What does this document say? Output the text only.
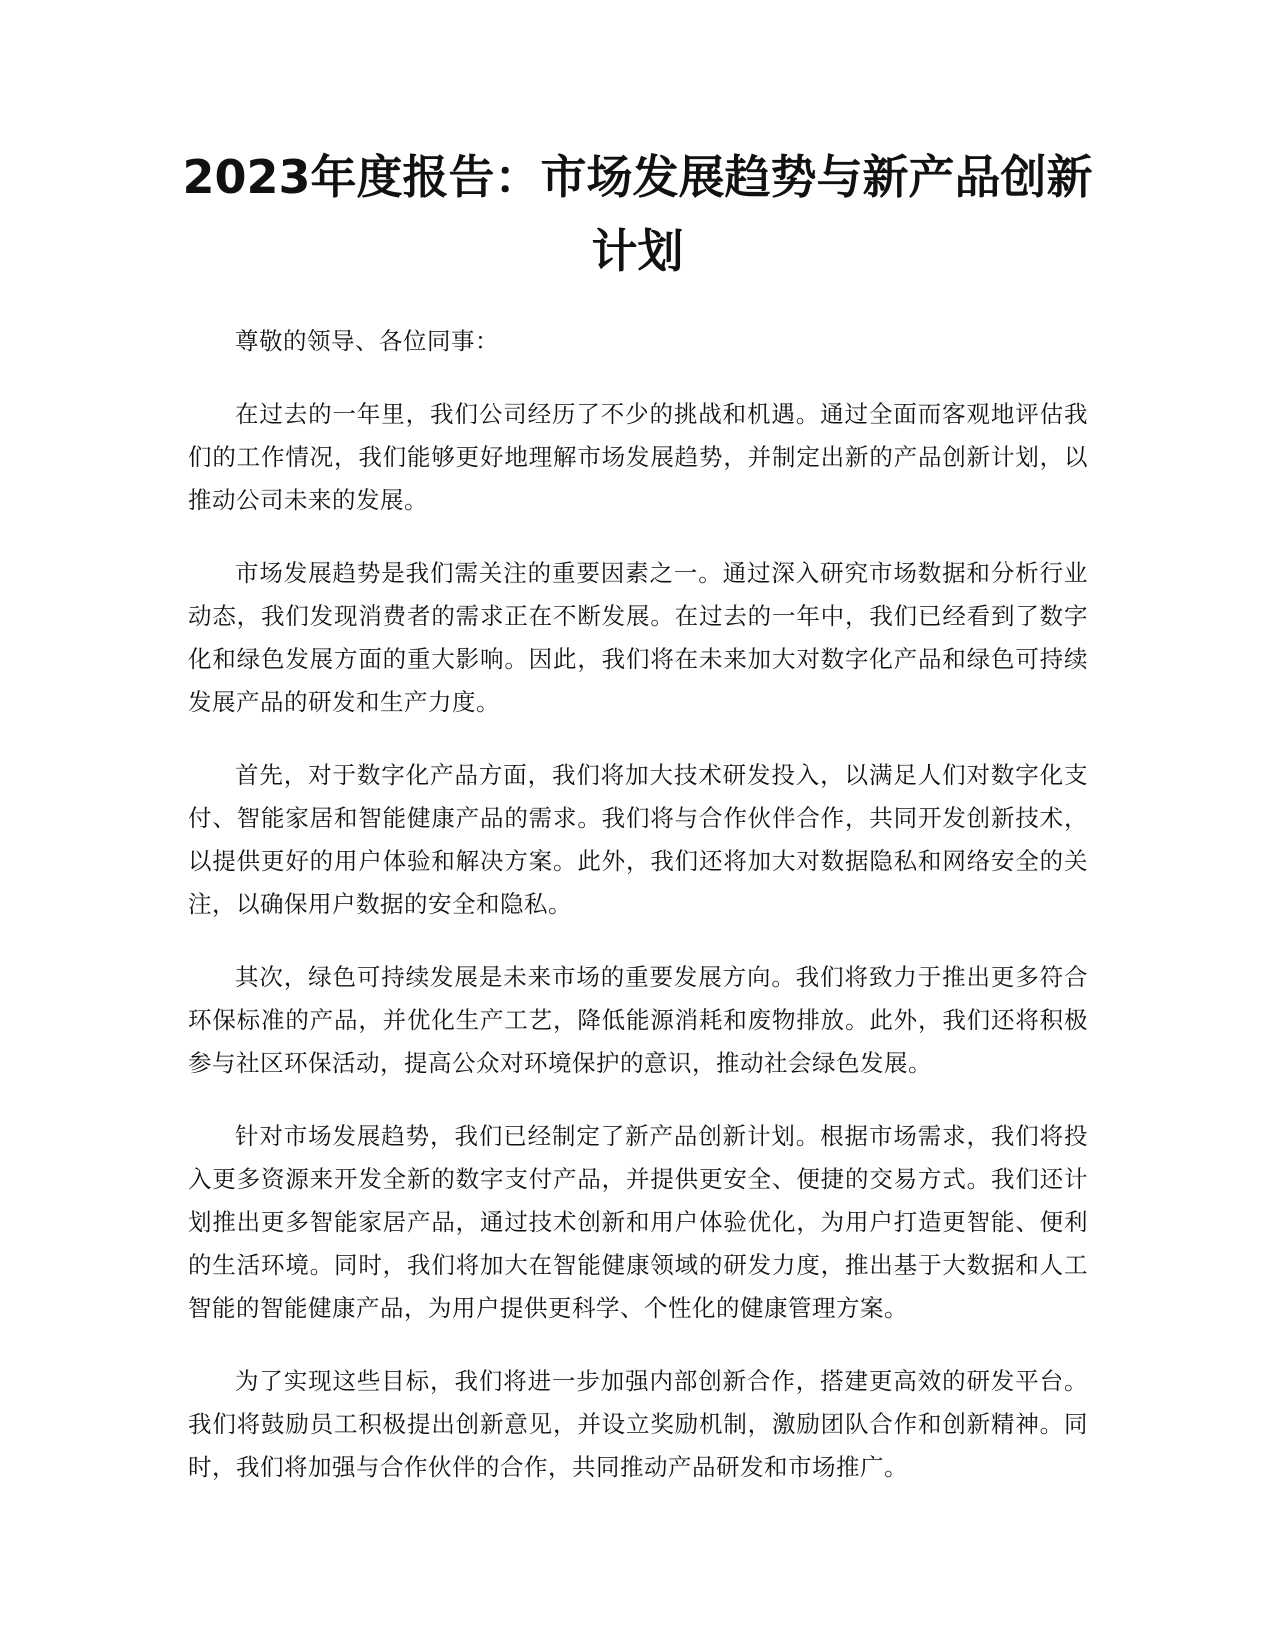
2023年度报告：市场发展趋势与新产品创新计划

尊敬的领导、各位同事：

在过去的一年里，我们公司经历了不少的挑战和机遇。通过全面而客观地评估我们的工作情况，我们能够更好地理解市场发展趋势，并制定出新的产品创新计划，以推动公司未来的发展。

市场发展趋势是我们需关注的重要因素之一。通过深入研究市场数据和分析行业动态，我们发现消费者的需求正在不断发展。在过去的一年中，我们已经看到了数字化和绿色发展方面的重大影响。因此，我们将在未来加大对数字化产品和绿色可持续发展产品的研发和生产力度。

首先，对于数字化产品方面，我们将加大技术研发投入，以满足人们对数字化支付、智能家居和智能健康产品的需求。我们将与合作伙伴合作，共同开发创新技术，以提供更好的用户体验和解决方案。此外，我们还将加大对数据隐私和网络安全的关注，以确保用户数据的安全和隐私。

其次，绿色可持续发展是未来市场的重要发展方向。我们将致力于推出更多符合环保标准的产品，并优化生产工艺，降低能源消耗和废物排放。此外，我们还将积极参与社区环保活动，提高公众对环境保护的意识，推动社会绿色发展。

针对市场发展趋势，我们已经制定了新产品创新计划。根据市场需求，我们将投入更多资源来开发全新的数字支付产品，并提供更安全、便捷的交易方式。我们还计划推出更多智能家居产品，通过技术创新和用户体验优化，为用户打造更智能、便利的生活环境。同时，我们将加大在智能健康领域的研发力度，推出基于大数据和人工智能的智能健康产品，为用户提供更科学、个性化的健康管理方案。

为了实现这些目标，我们将进一步加强内部创新合作，搭建更高效的研发平台。我们将鼓励员工积极提出创新意见，并设立奖励机制，激励团队合作和创新精神。同时，我们将加强与合作伙伴的合作，共同推动产品研发和市场推广。
